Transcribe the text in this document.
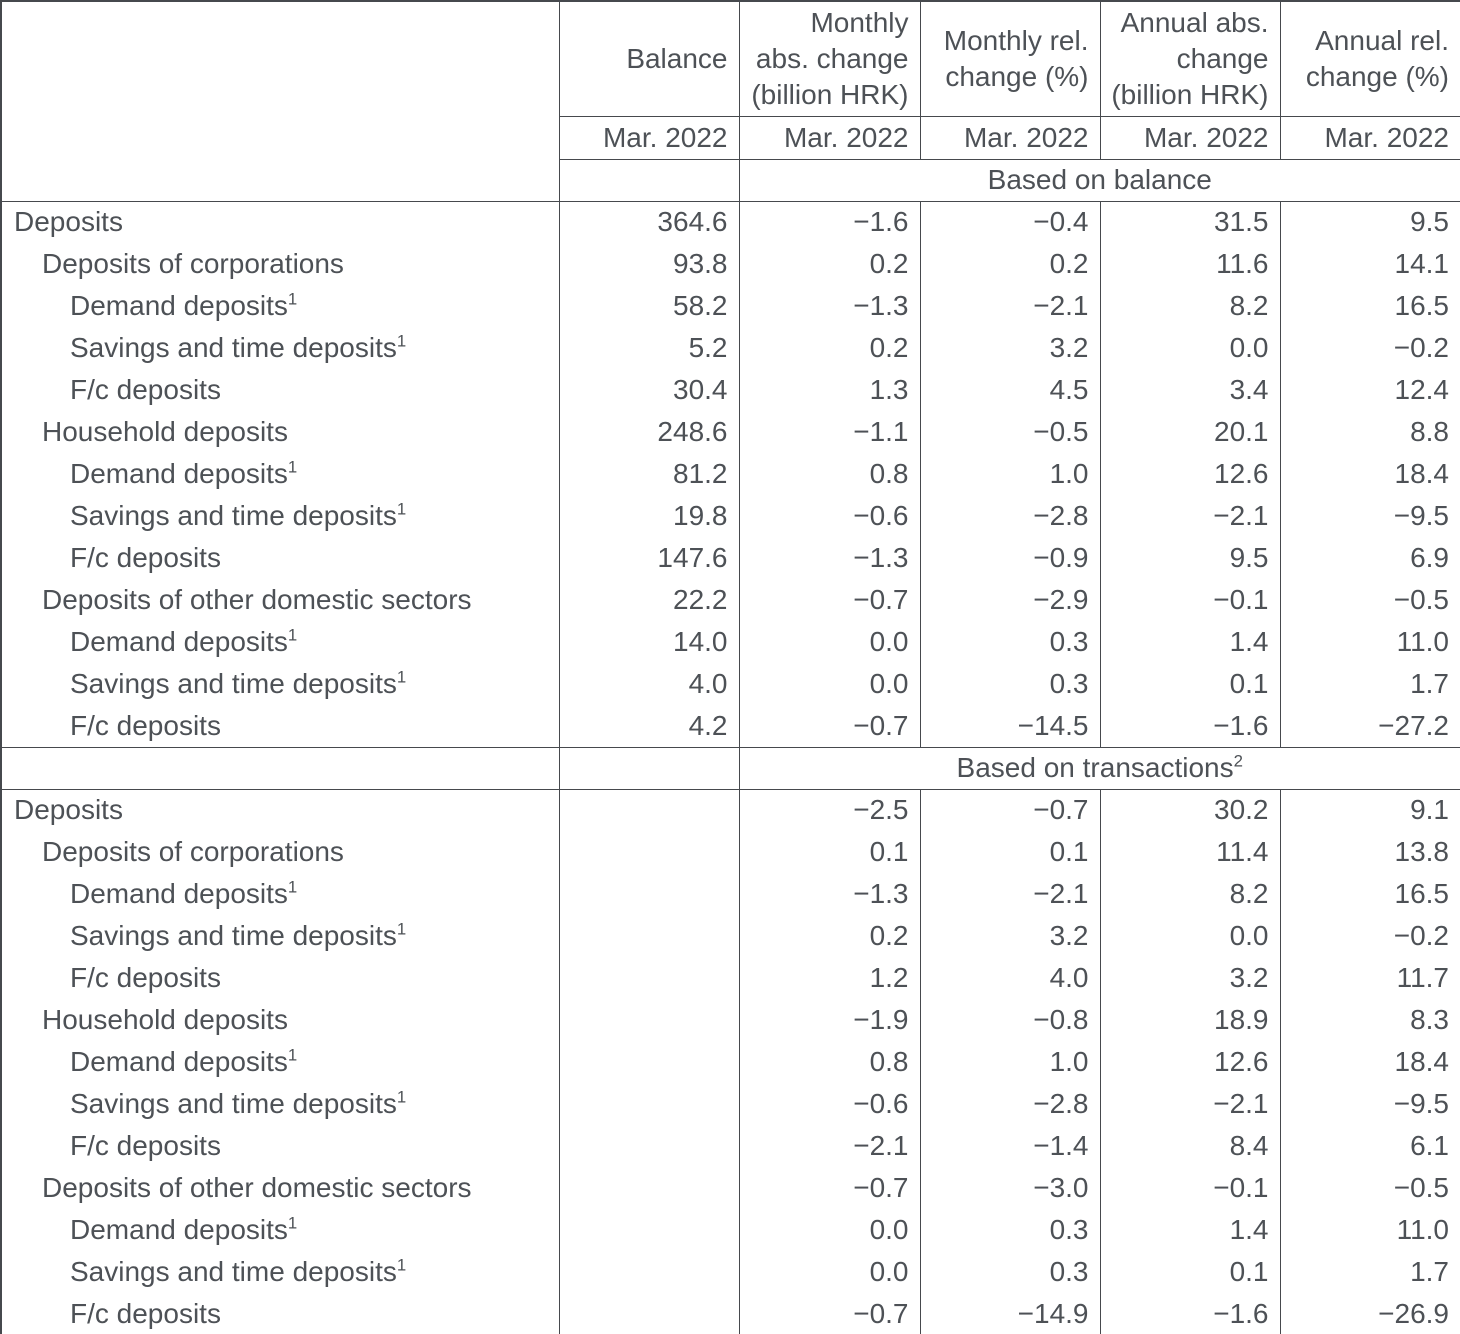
	Balance	Monthly
abs. change
(billion HRK)	Monthly rel.
change (%)	Annual abs.
change
(billion HRK)	Annual rel.
change (%)
	Mar. 2022	Mar. 2022	Mar. 2022	Mar. 2022	Mar. 2022
		Based on balance			
Deposits	364.6	−1.6	−0.4	31.5	9.5
Deposits of corporations	93.8	0.2	0.2	11.6	14.1
Demand deposits$^1$	58.2	−1.3	−2.1	8.2	16.5
Savings and time deposits$^1$	5.2	0.2	3.2	0.0	−0.2
F/c deposits	30.4	1.3	4.5	3.4	12.4
Household deposits	248.6	−1.1	−0.5	20.1	8.8
Demand deposits$^1$	81.2	0.8	1.0	12.6	18.4
Savings and time deposits$^1$	19.8	−0.6	−2.8	−2.1	−9.5
F/c deposits	147.6	−1.3	−0.9	9.5	6.9
Deposits of other domestic sectors	22.2	−0.7	−2.9	−0.1	−0.5
Demand deposits$^1$	14.0	0.0	0.3	1.4	11.0
Savings and time deposits$^1$	4.0	0.0	0.3	0.1	1.7
F/c deposits	4.2	−0.7	−14.5	−1.6	−27.2
		Based on transactions$^2$
Deposits		−2.5	−0.7	30.2	9.1
Deposits of corporations		0.1	0.1	11.4	13.8
Demand deposits$^1$		−1.3	−2.1	8.2	16.5
Savings and time deposits$^1$		0.2	3.2	0.0	−0.2
F/c deposits		1.2	4.0	3.2	11.7
Household deposits		−1.9	−0.8	18.9	8.3
Demand deposits$^1$		0.8	1.0	12.6	18.4
Savings and time deposits$^1$		−0.6	−2.8	−2.1	−9.5
F/c deposits		−2.1	−1.4	8.4	6.1
Deposits of other domestic sectors		−0.7	−3.0	−0.1	−0.5
Demand deposits$^1$		0.0	0.3	1.4	11.0
Savings and time deposits$^1$		0.0	0.3	0.1	1.7
F/c deposits		−0.7	−14.9	−1.6	−26.9
